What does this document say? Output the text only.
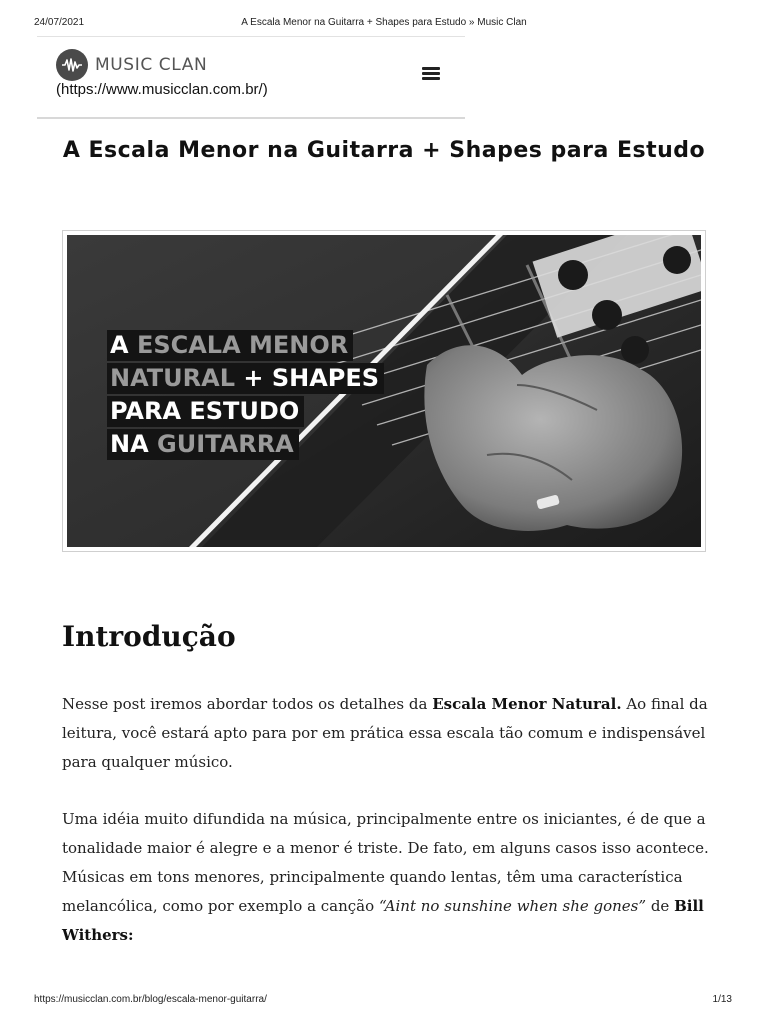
24/07/2021	A Escala Menor na Guitarra + Shapes para Estudo » Music Clan
MUSIC CLAN
(https://www.musicclan.com.br/)
A Escala Menor na Guitarra + Shapes para Estudo
A ESCALA MENOR
NATURAL + SHAPES
PARA ESTUDO
NA GUITARRA
Introdução

Nesse post iremos abordar todos os detalhes da Escala Menor Natural. Ao final da leitura, você estará apto para por em prática essa escala tão comum e indispensável para qualquer músico.

Uma idéia muito difundida na música, principalmente entre os iniciantes, é de que a tonalidade maior é alegre e a menor é triste. De fato, em alguns casos isso acontece. Músicas em tons menores, principalmente quando lentas, têm uma característica melancólica, como por exemplo a canção “Aint no sunshine when she gones” de Bill Withers:

https://musicclan.com.br/blog/escala-menor-guitarra/	1/13
